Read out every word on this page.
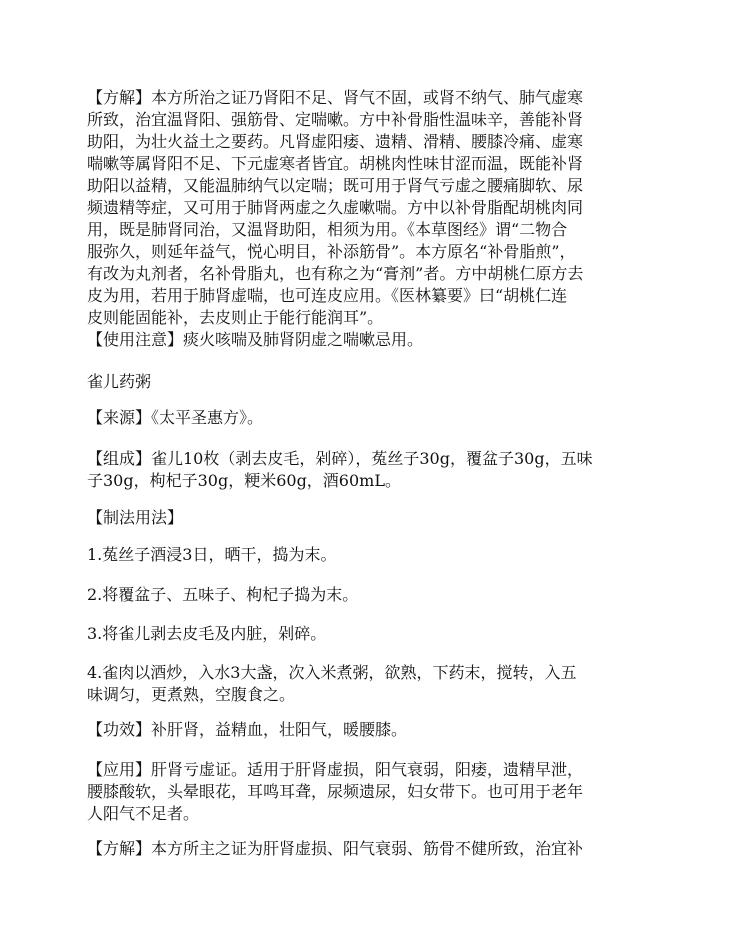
【方解】本方所治之证乃肾阳不足、肾气不固，或肾不纳气、肺气虚寒
所致，治宜温肾阳、强筋骨、定喘嗽。方中补骨脂性温味辛，善能补肾
助阳，为壮火益土之要药。凡肾虚阳痿、遗精、滑精、腰膝冷痛、虚寒
喘嗽等属肾阳不足、下元虚寒者皆宜。胡桃肉性味甘涩而温，既能补肾
助阳以益精，又能温肺纳气以定喘；既可用于肾气亏虚之腰痛脚软、尿
频遗精等症，又可用于肺肾两虚之久虚嗽喘。方中以补骨脂配胡桃肉同
用，既是肺肾同治，又温肾助阳，相须为用。《本草图经》谓“二物合
服弥久，则延年益气，悦心明目，补添筋骨”。本方原名“补骨脂煎”，
有改为丸剂者，名补骨脂丸，也有称之为“膏剂”者。方中胡桃仁原方去
皮为用，若用于肺肾虚喘，也可连皮应用。《医林纂要》曰“胡桃仁连
皮则能固能补，去皮则止于能行能润耳”。

【使用注意】痰火咳喘及肺肾阴虚之喘嗽忌用。

雀儿药粥

【来源】《太平圣惠方》。

【组成】雀儿10枚（剥去皮毛，剁碎），菟丝子30g，覆盆子30g，五味
子30g，枸杞子30g，粳米60g，酒60mL。

【制法用法】

1.菟丝子酒浸3日，晒干，捣为末。

2.将覆盆子、五味子、枸杞子捣为末。

3.将雀儿剥去皮毛及内脏，剁碎。

4.雀肉以酒炒，入水3大盏，次入米煮粥，欲熟，下药末，搅转，入五
味调匀，更煮熟，空腹食之。

【功效】补肝肾，益精血，壮阳气，暖腰膝。

【应用】肝肾亏虚证。适用于肝肾虚损，阳气衰弱，阳痿，遗精早泄，
腰膝酸软，头晕眼花，耳鸣耳聋，尿频遗尿，妇女带下。也可用于老年
人阳气不足者。

【方解】本方所主之证为肝肾虚损、阳气衰弱、筋骨不健所致，治宜补
